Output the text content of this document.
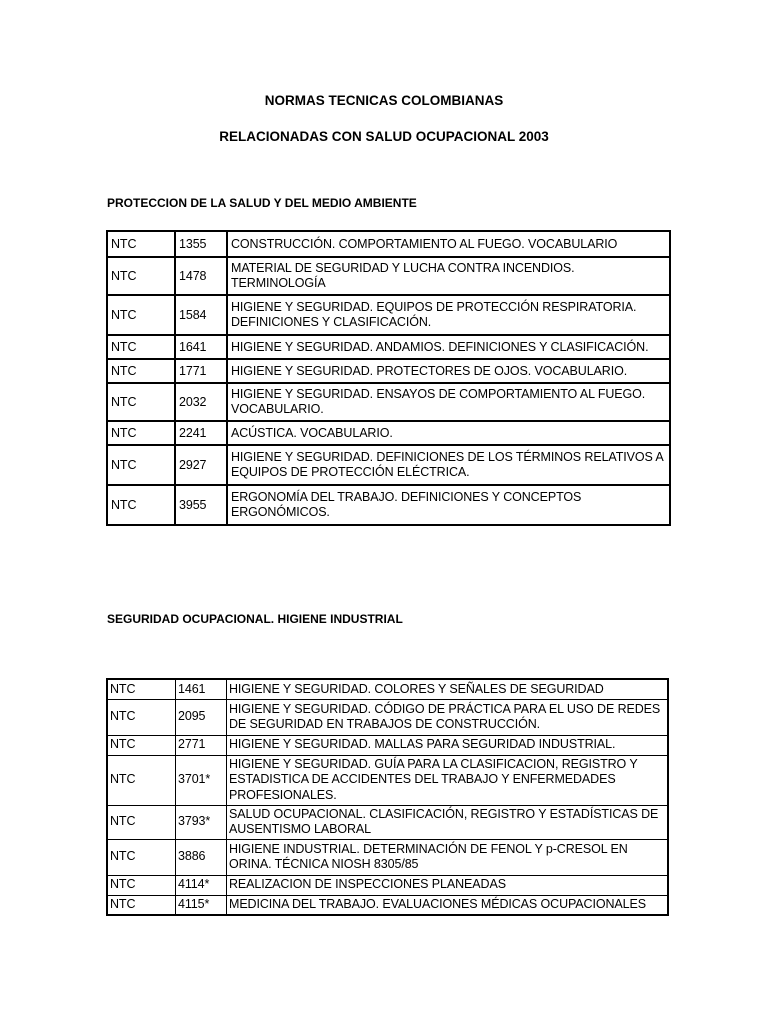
NORMAS TECNICAS COLOMBIANAS
RELACIONADAS CON SALUD OCUPACIONAL 2003
PROTECCION DE LA SALUD Y DEL MEDIO AMBIENTE
NTC	1355	CONSTRUCCIÓN. COMPORTAMIENTO AL FUEGO. VOCABULARIO
NTC	1478	MATERIAL DE SEGURIDAD Y LUCHA CONTRA INCENDIOS. TERMINOLOGÍA
NTC	1584	HIGIENE Y SEGURIDAD. EQUIPOS DE PROTECCIÓN RESPIRATORIA. DEFINICIONES Y CLASIFICACIÓN.
NTC	1641	HIGIENE Y SEGURIDAD. ANDAMIOS. DEFINICIONES Y CLASIFICACIÓN.
NTC	1771	HIGIENE Y SEGURIDAD. PROTECTORES DE OJOS. VOCABULARIO.
NTC	2032	HIGIENE Y SEGURIDAD. ENSAYOS DE COMPORTAMIENTO AL FUEGO. VOCABULARIO.
NTC	2241	ACÚSTICA. VOCABULARIO.
NTC	2927	HIGIENE Y SEGURIDAD. DEFINICIONES DE LOS TÉRMINOS RELATIVOS A EQUIPOS DE PROTECCIÓN ELÉCTRICA.
NTC	3955	ERGONOMÍA DEL TRABAJO. DEFINICIONES Y CONCEPTOS ERGONÓMICOS.
SEGURIDAD OCUPACIONAL. HIGIENE INDUSTRIAL
NTC	1461	HIGIENE Y SEGURIDAD. COLORES Y SEÑALES DE SEGURIDAD
NTC	2095	HIGIENE Y SEGURIDAD. CÓDIGO DE PRÁCTICA PARA EL USO DE REDES DE SEGURIDAD EN TRABAJOS DE CONSTRUCCIÓN.
NTC	2771	HIGIENE Y SEGURIDAD. MALLAS PARA SEGURIDAD INDUSTRIAL.
NTC	3701*	HIGIENE Y SEGURIDAD. GUÍA PARA LA CLASIFICACION, REGISTRO Y ESTADISTICA DE ACCIDENTES DEL TRABAJO Y ENFERMEDADES PROFESIONALES.
NTC	3793*	SALUD OCUPACIONAL. CLASIFICACIÓN, REGISTRO Y ESTADÍSTICAS DE AUSENTISMO LABORAL
NTC	3886	HIGIENE INDUSTRIAL. DETERMINACIÓN DE FENOL Y p-CRESOL EN ORINA. TÉCNICA NIOSH 8305/85
NTC	4114*	REALIZACION DE INSPECCIONES PLANEADAS
NTC	4115*	MEDICINA DEL TRABAJO. EVALUACIONES MÉDICAS OCUPACIONALES
